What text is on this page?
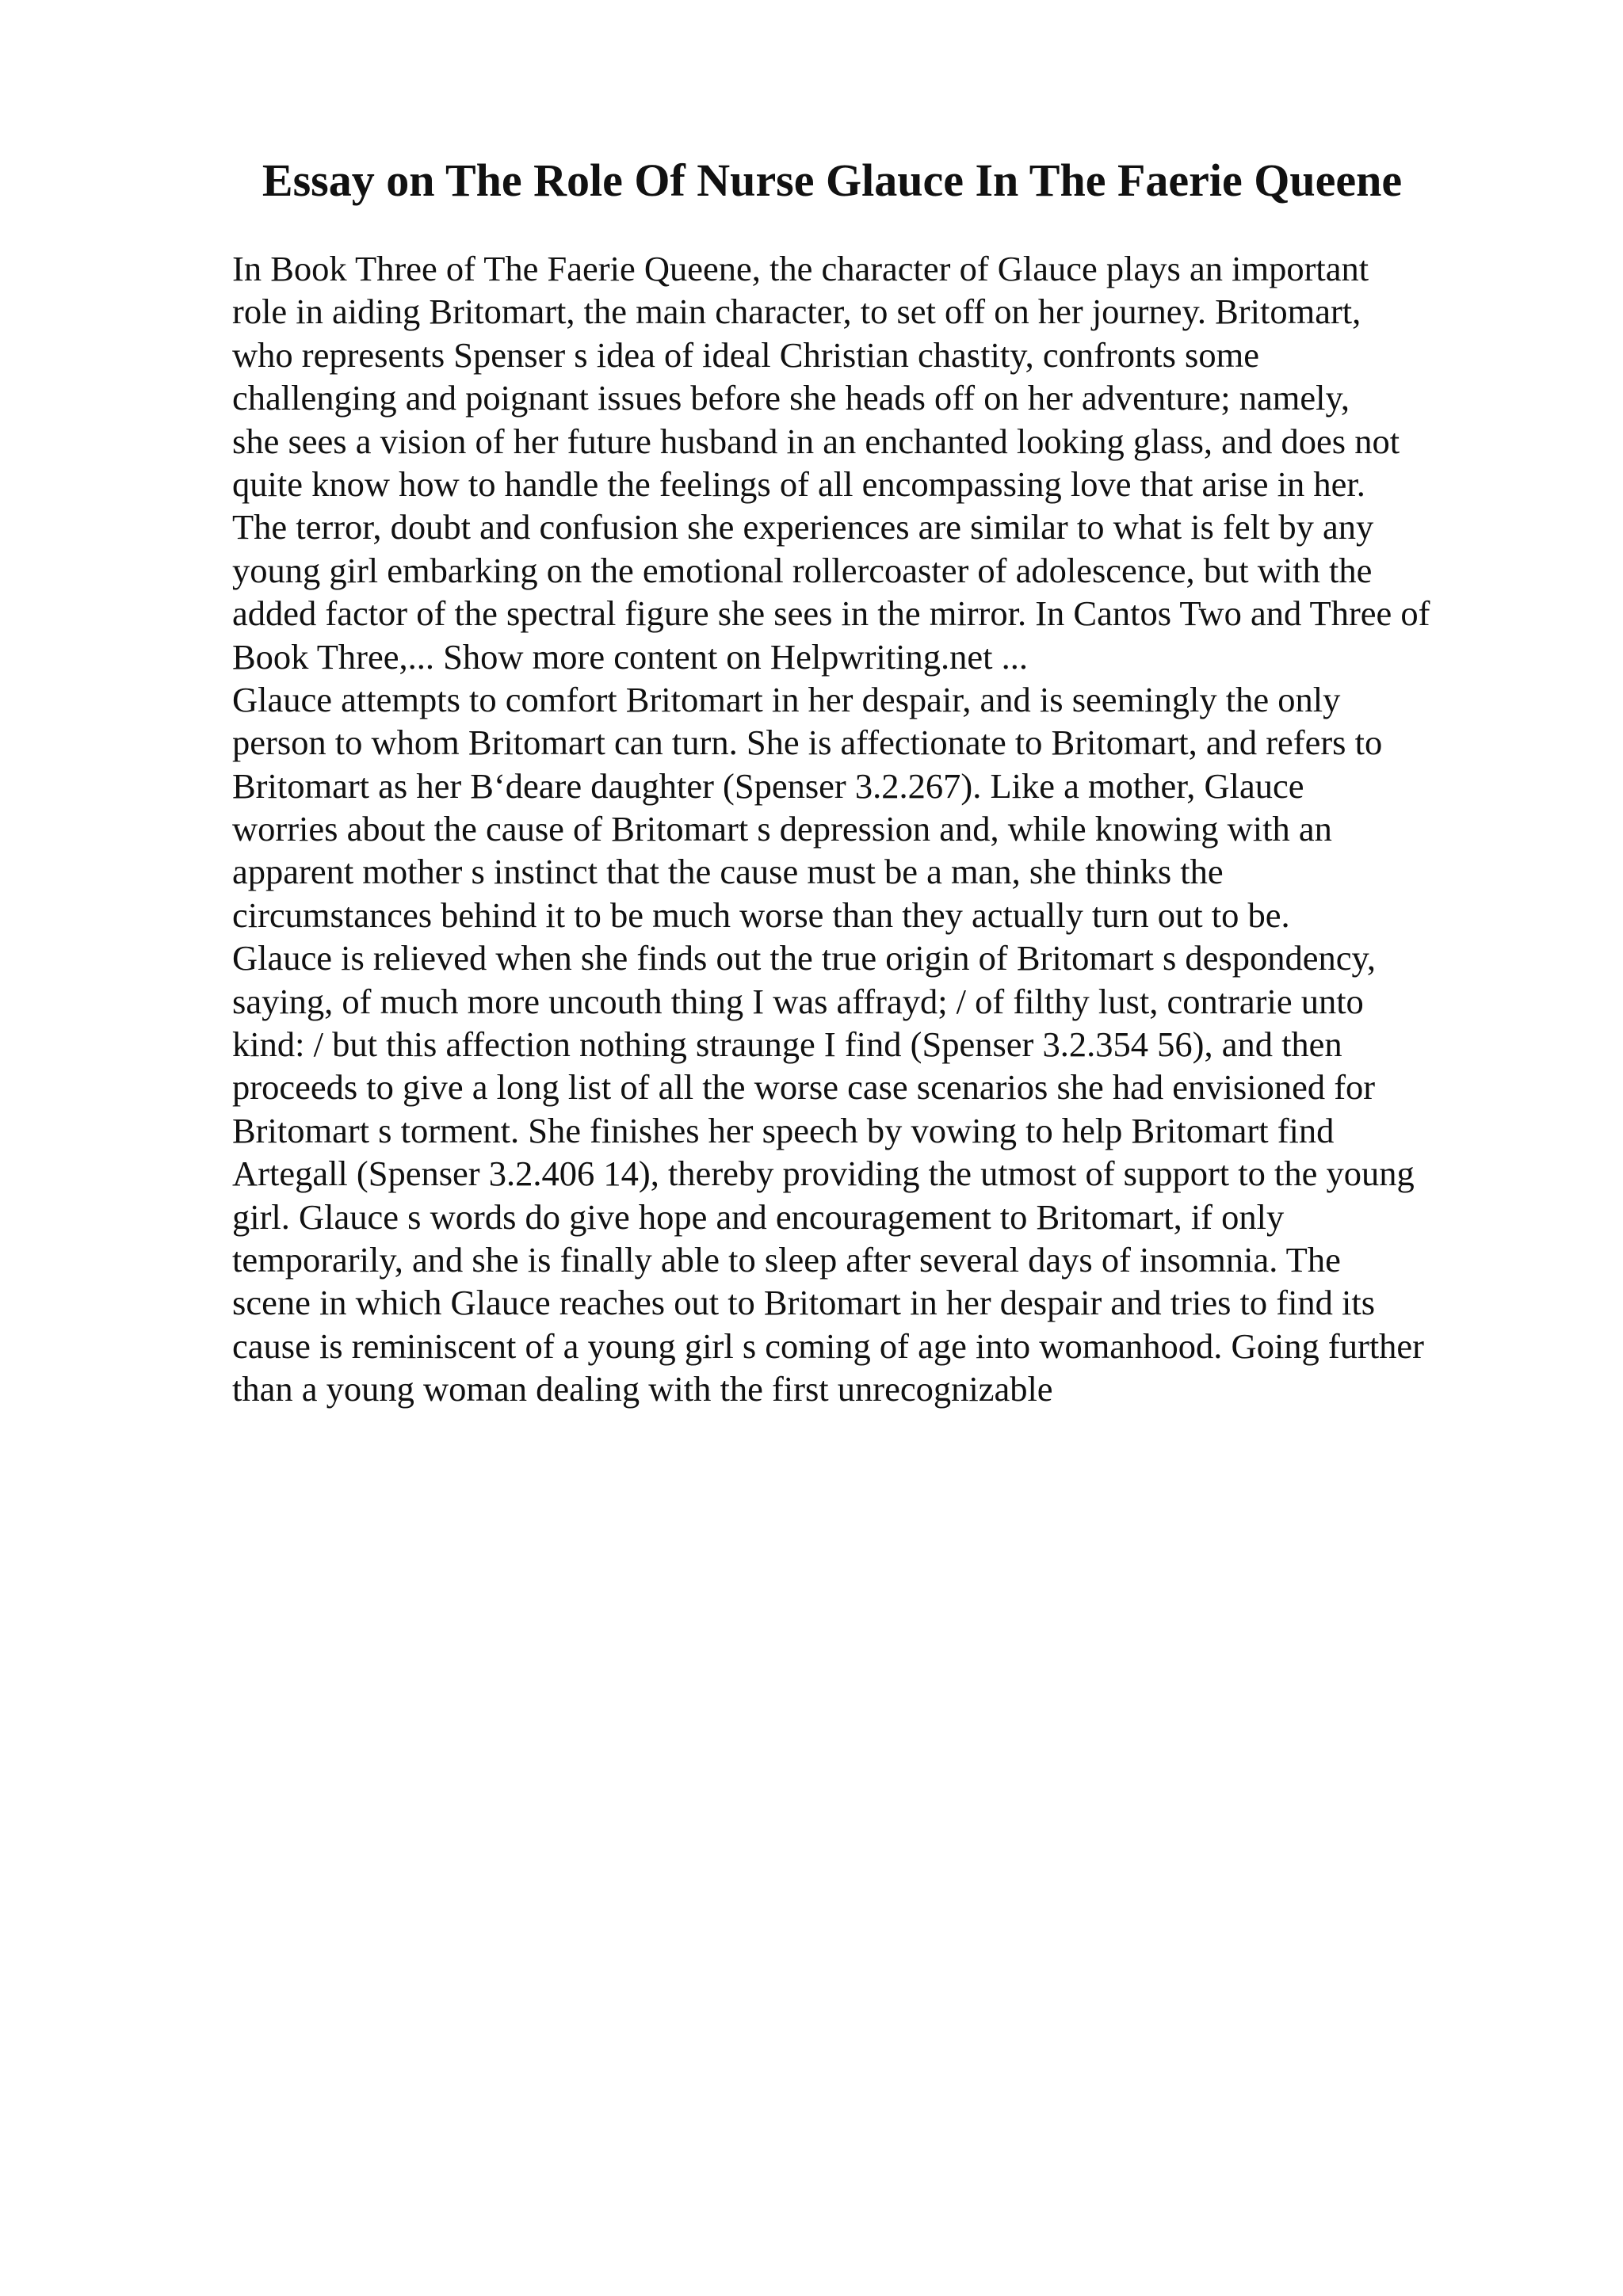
Essay on The Role Of Nurse Glauce In The Faerie Queene
In Book Three of The Faerie Queene, the character of Glauce plays an important
role in aiding Britomart, the main character, to set off on her journey. Britomart,
who represents Spenser s idea of ideal Christian chastity, confronts some
challenging and poignant issues before she heads off on her adventure; namely,
she sees a vision of her future husband in an enchanted looking glass, and does not
quite know how to handle the feelings of all encompassing love that arise in her.
The terror, doubt and confusion she experiences are similar to what is felt by any
young girl embarking on the emotional rollercoaster of adolescence, but with the
added factor of the spectral figure she sees in the mirror. In Cantos Two and Three of
Book Three,... Show more content on Helpwriting.net ...
Glauce attempts to comfort Britomart in her despair, and is seemingly the only
person to whom Britomart can turn. She is affectionate to Britomart, and refers to
Britomart as her B‘deare daughter (Spenser 3.2.267). Like a mother, Glauce
worries about the cause of Britomart s depression and, while knowing with an
apparent mother s instinct that the cause must be a man, she thinks the
circumstances behind it to be much worse than they actually turn out to be.
Glauce is relieved when she finds out the true origin of Britomart s despondency,
saying, of much more uncouth thing I was affrayd; / of filthy lust, contrarie unto
kind: / but this affection nothing straunge I find (Spenser 3.2.354 56), and then
proceeds to give a long list of all the worse case scenarios she had envisioned for
Britomart s torment. She finishes her speech by vowing to help Britomart find
Artegall (Spenser 3.2.406 14), thereby providing the utmost of support to the young
girl. Glauce s words do give hope and encouragement to Britomart, if only
temporarily, and she is finally able to sleep after several days of insomnia. The
scene in which Glauce reaches out to Britomart in her despair and tries to find its
cause is reminiscent of a young girl s coming of age into womanhood. Going further
than a young woman dealing with the first unrecognizable
